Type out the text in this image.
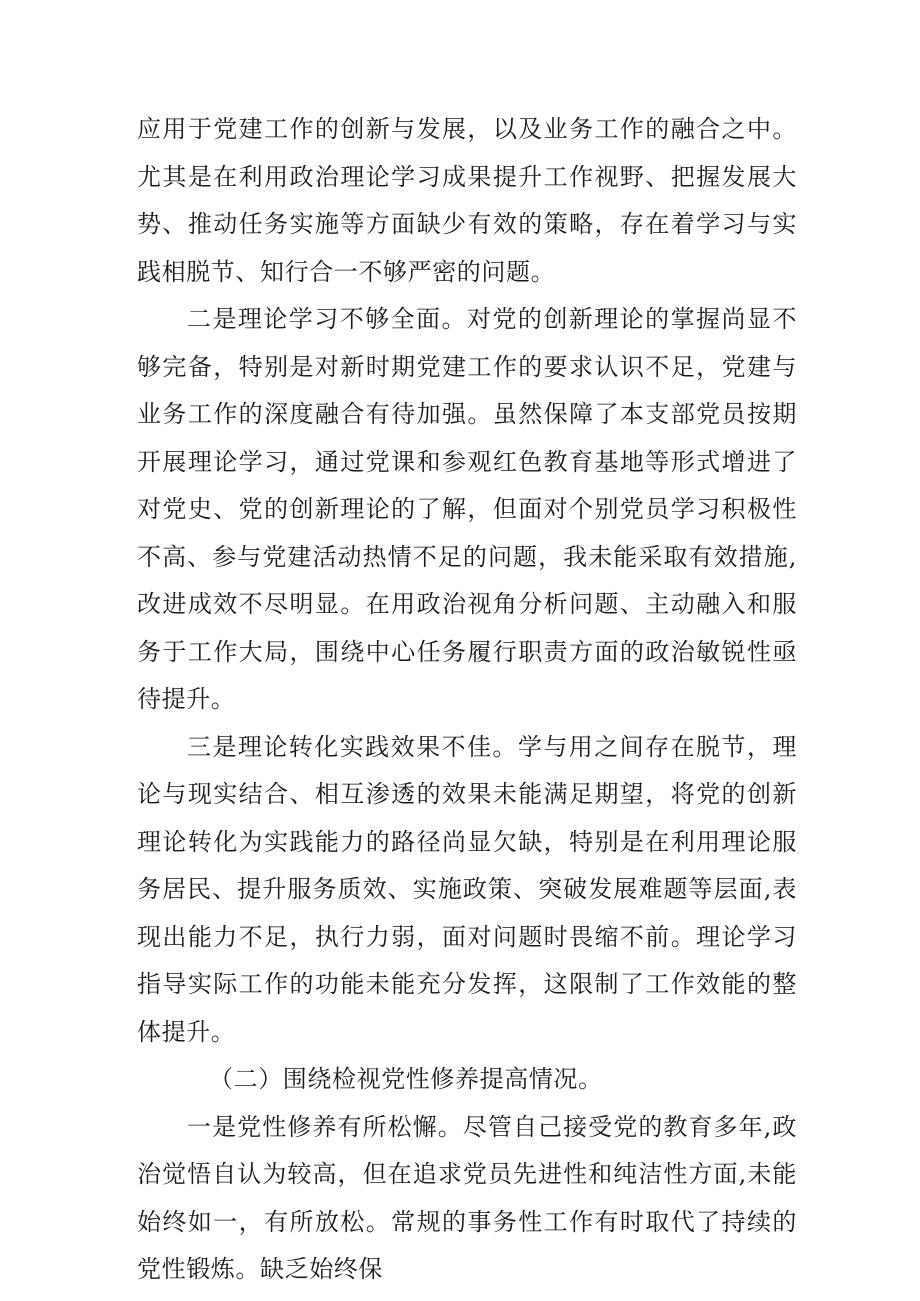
应用于党建工作的创新与发展，以及业务工作的融合之中。尤其是在利用政治理论学习成果提升工作视野、把握发展大势、推动任务实施等方面缺少有效的策略，存在着学习与实践相脱节、知行合一不够严密的问题。

二是理论学习不够全面。对党的创新理论的掌握尚显不够完备，特别是对新时期党建工作的要求认识不足，党建与业务工作的深度融合有待加强。虽然保障了本支部党员按期开展理论学习，通过党课和参观红色教育基地等形式增进了对党史、党的创新理论的了解，但面对个别党员学习积极性不高、参与党建活动热情不足的问题，我未能采取有效措施,改进成效不尽明显。在用政治视角分析问题、主动融入和服务于工作大局，围绕中心任务履行职责方面的政治敏锐性亟待提升。

三是理论转化实践效果不佳。学与用之间存在脱节，理论与现实结合、相互渗透的效果未能满足期望，将党的创新理论转化为实践能力的路径尚显欠缺，特别是在利用理论服务居民、提升服务质效、实施政策、突破发展难题等层面,表现出能力不足，执行力弱，面对问题时畏缩不前。理论学习指导实际工作的功能未能充分发挥，这限制了工作效能的整体提升。

（二）围绕检视党性修养提高情况。

一是党性修养有所松懈。尽管自己接受党的教育多年,政治觉悟自认为较高，但在追求党员先进性和纯洁性方面,未能始终如一，有所放松。常规的事务性工作有时取代了持续的党性锻炼。缺乏始终保
